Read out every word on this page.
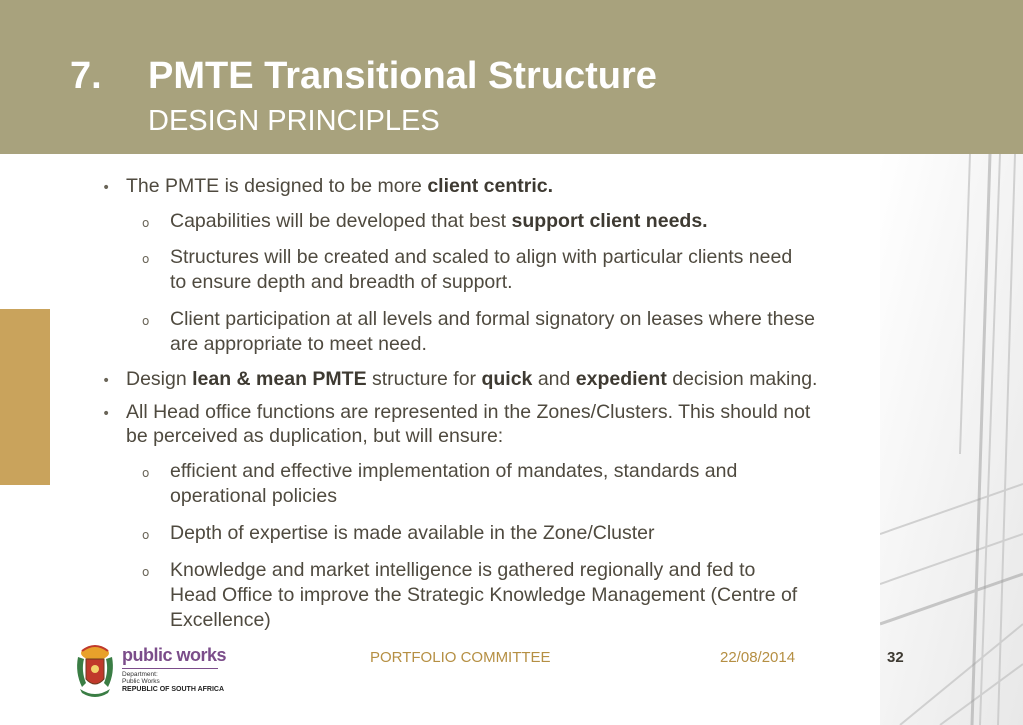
7. PMTE Transitional Structure
DESIGN PRINCIPLES
• The PMTE is designed to be more client centric.
o Capabilities will be developed that best support client needs.
o Structures will be created and scaled to align with particular clients need
to ensure depth and breadth of support.
o Client participation at all levels and formal signatory on leases where these
are appropriate to meet need.
• Design lean & mean PMTE structure for quick and expedient decision making.
• All Head office functions are represented in the Zones/Clusters. This should not
be perceived as duplication, but will ensure:
o efficient and effective implementation of mandates, standards and
operational policies
o Depth of expertise is made available in the Zone/Cluster
o Knowledge and market intelligence is gathered regionally and fed to
Head Office to improve the Strategic Knowledge Management (Centre of
Excellence)
public works
Department:
Public Works
REPUBLIC OF SOUTH AFRICA
PORTFOLIO COMMITTEE	22/08/2014	32
